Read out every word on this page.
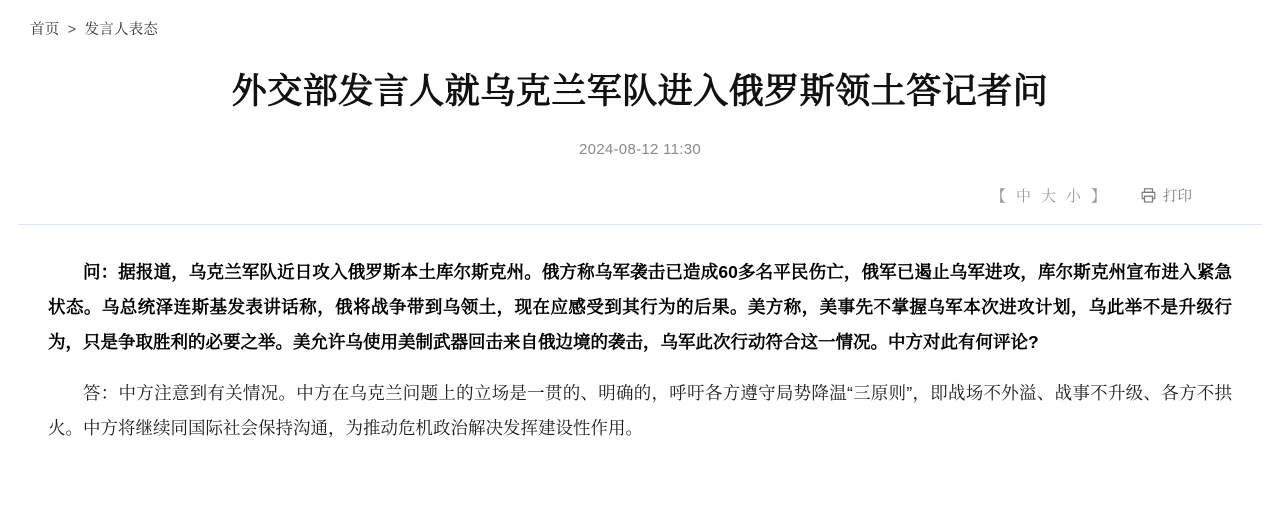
首页 > 发言人表态
外交部发言人就乌克兰军队进入俄罗斯领土答记者问
2024-08-12 11:30
【 中 大 小 】	打印

问：据报道，乌克兰军队近日攻入俄罗斯本土库尔斯克州。俄方称乌军袭击已造成60多名平民伤亡，俄军已遏止乌军进攻，库尔斯克州宣布进入紧急状态。乌总统泽连斯基发表讲话称，俄将战争带到乌领土，现在应感受到其行为的后果。美方称，美事先不掌握乌军本次进攻计划，乌此举不是升级行为，只是争取胜利的必要之举。美允许乌使用美制武器回击来自俄边境的袭击，乌军此次行动符合这一情况。中方对此有何评论?

答：中方注意到有关情况。中方在乌克兰问题上的立场是一贯的、明确的，呼吁各方遵守局势降温“三原则”，即战场不外溢、战事不升级、各方不拱火。中方将继续同国际社会保持沟通，为推动危机政治解决发挥建设性作用。
